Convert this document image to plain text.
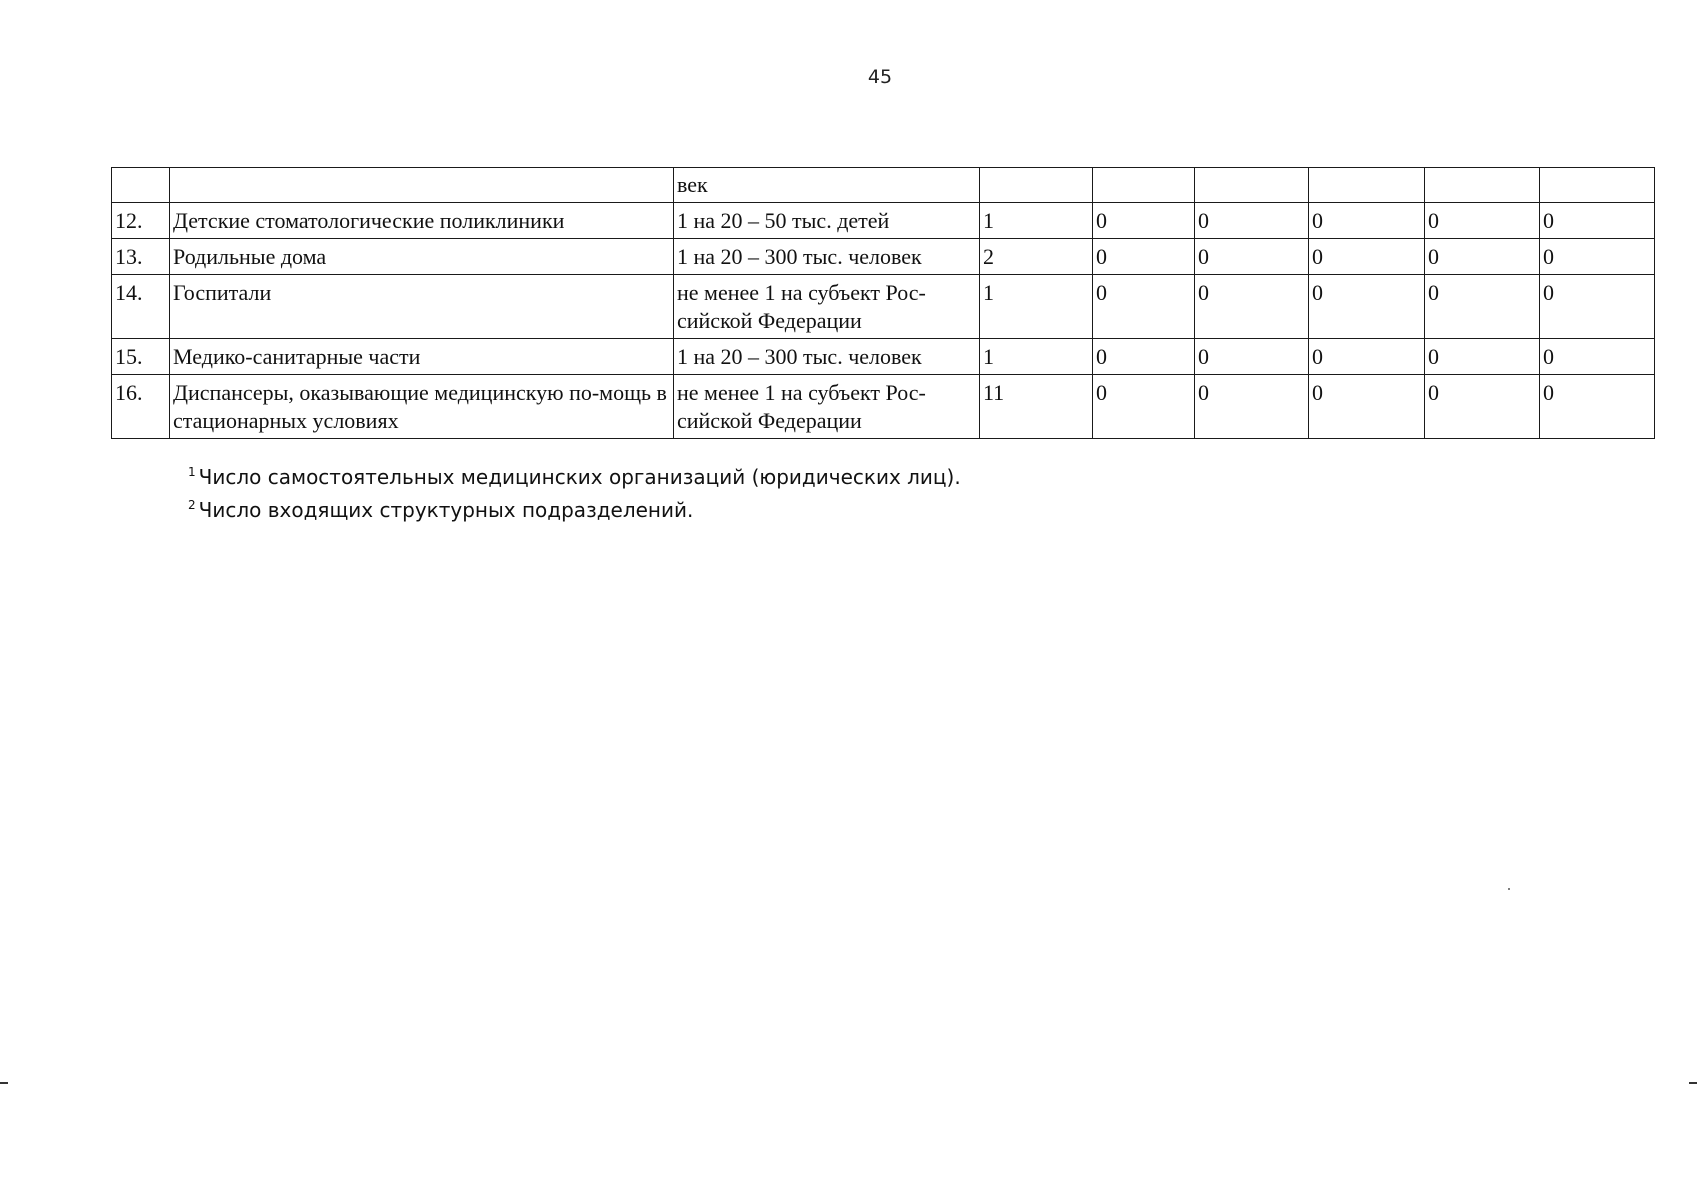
45
		век						
12.	Детские стоматологические поликлиники	1 на 20 – 50 тыс. детей	1	0	0	0	0	0
13.	Родильные дома	1 на 20 – 300 тыс. человек	2	0	0	0	0	0
14.	Госпитали	не менее 1 на субъект Рос-сийской Федерации	1	0	0	0	0	0
15.	Медико-санитарные части	1 на 20 – 300 тыс. человек	1	0	0	0	0	0
16.	Диспансеры, оказывающие медицинскую по-мощь в стационарных условиях	не менее 1 на субъект Рос-сийской Федерации	11	0	0	0	0	0
$^1$ Число самостоятельных медицинских организаций (юридических лиц).
$^2$ Число входящих структурных подразделений.
